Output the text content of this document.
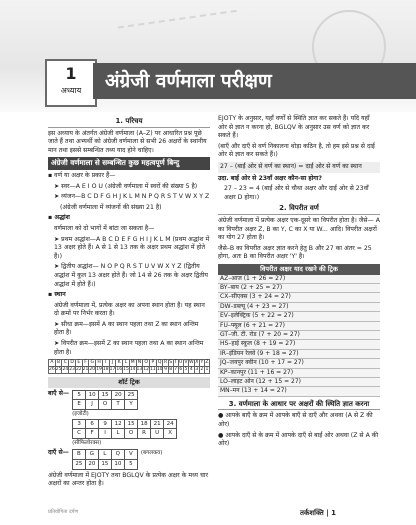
1
अध्याय	अंग्रेजी वर्णमाला परीक्षण
1. परिचय

इस अध्याय के अंतर्गत अंग्रेजी वर्णमाला (A–Z) पर आधारित प्रश्न पूछे जाते हैं तथा अभ्यर्थी को अंग्रेजी वर्णमाला से सभी 26 अक्षरों के स्थानीय मान तथा इससे सम्बन्धित तथ्य याद होने चाहिए।

अंग्रेजी वर्णमाला से सम्बन्धित कुछ महत्वपूर्ण बिन्दु

▪ वर्ण या अक्षर के प्रकार हैं—

➤ स्वर—A E I O U (अंग्रेजी वर्णमाला में स्वरों की संख्या 5 है)

➤ व्यंजन—B C D F G H J K L M N P Q R S T V W X Y Z

(अंग्रेजी वर्णमाला में व्यंजनों की संख्या 21 है)

▪ अद्धांश

वर्णमाला को दो भागों में बांटा जा सकता है—

➤ प्रथम अद्धांश—A B C D E F G H I J K L M (प्रथम अद्धांश में 13 अक्षर होते हैं। A से 1 से 13 तक के अक्षर प्रथम अद्धांश में होते हैं।)

➤ द्वितीय अद्धांश— N O P Q R S T U V W X Y Z (द्वितीय अद्धांश में कुल 13 अक्षर होते हैं। जो 14 से 26 तक के अक्षर द्वितीय अद्धांश में होते हैं।)

▪ स्थान

अंग्रेजी वर्णमाला में, प्रत्येक अक्षर का अपना स्थान होता है। यह स्थान दो क्रमों पर निर्भर करता है।

➤ सीधा क्रम—इसमें A का स्थान पहला तथा Z का स्थान अन्तिम होता है।

➤ विपरीत क्रम—इसमें Z का स्थान पहला तथा A का स्थान अन्तिम होता है।

A	B	C	D	E	F	G	H	I	J	K	L	M	N	O	P	Q	R	S	T	U	V	W	X	Y	Z
26	25	24	23	22	21	20	19	18	17	16	15	14	13	12	11	10	9	8	7	6	5	4	3	2	1
शॉर्ट ट्रिक
बाएँ से— 5	10	15	20	25
E	J	O	T	Y
(इजोटी)
3	6	9	12	15	18	21	24
C	F	I	L	O	R	U	X
(सीफिलोरक्स)
दाएँ से— B	G	L	Q	V
25	20	15	10	5
(बगलकव)

अंग्रेजी वर्णमाला में EJOTY तथा BGLQV के प्रत्येक अक्षर के मध्य चार अक्षरों का अन्तर होता है।

EJOTY के अनुसार, यहाँ वर्णों से स्थिति ज्ञात कर सकते हैं। यदि यहाँ ओर से ज्ञात न करना हो, BGLQV के अनुसार उस वर्ण को ज्ञात कर सकते हैं।

(बाएँ और दाएँ से वर्ण निकालना थोड़ा कठिन है, तो हम इसे प्रश्न से दाईं ओर से ज्ञात कर सकते हैं।)

27 – (बाईं ओर से वर्ण का स्थान) = दाईं ओर से वर्ण का स्थान

उदा. बाईं ओर से 23वाँ अक्षर कौन-सा होगा?

27 – 23 = 4 (बाईं ओर से चौथा अक्षर और दाईं ओर से 23वाँ अक्षर D होगा।)

2. विपरीत वर्ण

अंग्रेजी वर्णमाला में प्रत्येक अक्षर एक-दूसरे का विपरीत होता है। जैसे— A का विपरीत अक्षर Z, B का Y, C का X या W... आदि। विपरीत अक्षरों का योग 27 होता है।

जैसे–B का विपरीत अक्षर ज्ञात करने हेतु B और 27 का अंतर = 25 होगा, अतः B का विपरीत अक्षर 'Y' है।

विपरीत अक्षर याद रखने की ट्रिक
AZ–आज (1 + 26 = 27)
BY–बाय (2 + 25 = 27)
CX–सीएक्स (3 + 24 = 27)
DW–डब्ल्यू (4 + 23 = 27)
EV–इलेक्ट्रिक (5 + 22 = 27)
FU–फ्यूल (6 + 21 = 27)
GT–जी. टी. रोड (7 + 20 = 27)
HS–हाई स्कूल (8 + 19 = 27)
IR–इंडियन रेलवे (9 + 18 = 27)
JQ–जयपुर क्वीन (10 + 17 = 27)
KP–कानपुर (11 + 16 = 27)
LO–लाइट ओन (12 + 15 = 27)
MN–मन (13 + 14 = 27)
3. वर्णमाला के आधार पर अक्षरों की स्थिति ज्ञात करना

● आपके बाएँ के क्रम में आपके बाएँ से दाएँ और अथवा (A से Z की ओर)

● आपके दाएँ से के क्रम में आपके दाएँ से बाईं ओर अथवा (Z से A की ओर)

प्रतियोगिता दर्पण	तर्कशक्ति | 1
